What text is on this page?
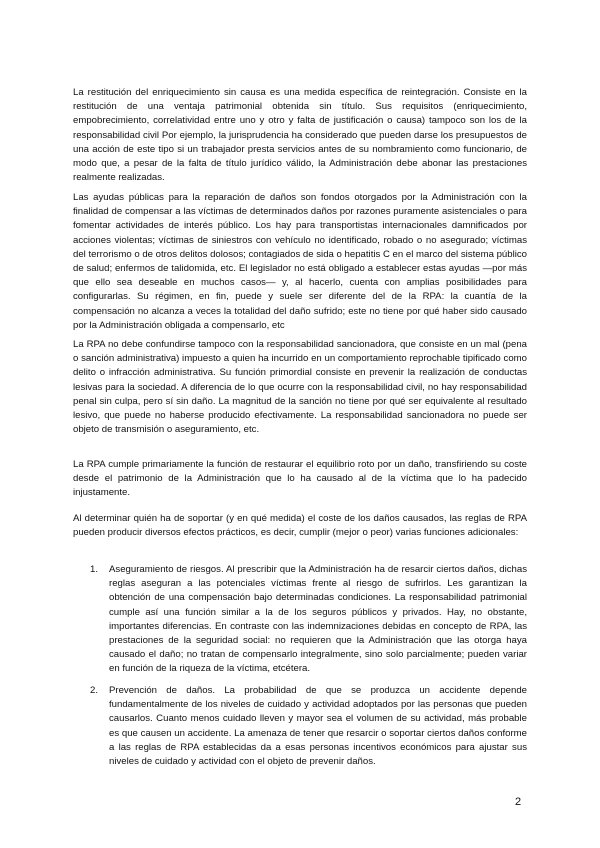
La restitución del enriquecimiento sin causa es una medida específica de reintegración. Consiste en la restitución de una ventaja patrimonial obtenida sin título. Sus requisitos (enriquecimiento, empobrecimiento, correlatividad entre uno y otro y falta de justificación o causa) tampoco son los de la responsabilidad civil Por ejemplo, la jurisprudencia ha considerado que pueden darse los presupuestos de una acción de este tipo si un trabajador presta servicios antes de su nombramiento como funcionario, de modo que, a pesar de la falta de título jurídico válido, la Administración debe abonar las prestaciones realmente realizadas.

Las ayudas públicas para la reparación de daños son fondos otorgados por la Administración con la finalidad de compensar a las víctimas de determinados daños por razones puramente asistenciales o para fomentar actividades de interés público. Los hay para transportistas internacionales damnificados por acciones violentas; víctimas de siniestros con vehículo no identificado, robado o no asegurado; víctimas del terrorismo o de otros delitos dolosos; contagiados de sida o hepatitis C en el marco del sistema público de salud; enfermos de talidomida, etc. El legislador no está obligado a establecer estas ayudas —por más que ello sea deseable en muchos casos— y, al hacerlo, cuenta con amplias posibilidades para configurarlas. Su régimen, en fin, puede y suele ser diferente del de la RPA: la cuantía de la compensación no alcanza a veces la totalidad del daño sufrido; este no tiene por qué haber sido causado por la Administración obligada a compensarlo, etc

La RPA no debe confundirse tampoco con la responsabilidad sancionadora, que consiste en un mal (pena o sanción administrativa) impuesto a quien ha incurrido en un comportamiento reprochable tipificado como delito o infracción administrativa. Su función primordial consiste en prevenir la realización de conductas lesivas para la sociedad. A diferencia de lo que ocurre con la responsabilidad civil, no hay responsabilidad penal sin culpa, pero sí sin daño. La magnitud de la sanción no tiene por qué ser equivalente al resultado lesivo, que puede no haberse producido efectivamente. La responsabilidad sancionadora no puede ser objeto de transmisión o aseguramiento, etc.

La RPA cumple primariamente la función de restaurar el equilibrio roto por un daño, transfiriendo su coste desde el patrimonio de la Administración que lo ha causado al de la víctima que lo ha padecido injustamente.

Al determinar quién ha de soportar (y en qué medida) el coste de los daños causados, las reglas de RPA pueden producir diversos efectos prácticos, es decir, cumplir (mejor o peor) varias funciones adicionales:

1.	Aseguramiento de riesgos. Al prescribir que la Administración ha de resarcir ciertos daños, dichas reglas aseguran a las potenciales víctimas frente al riesgo de sufrirlos. Les garantizan la obtención de una compensación bajo determinadas condiciones. La responsabilidad patrimonial cumple así una función similar a la de los seguros públicos y privados. Hay, no obstante, importantes diferencias. En contraste con las indemnizaciones debidas en concepto de RPA, las prestaciones de la seguridad social: no requieren que la Administración que las otorga haya causado el daño; no tratan de compensarlo integralmente, sino solo parcialmente; pueden variar en función de la riqueza de la víctima, etcétera.

2.	Prevención de daños. La probabilidad de que se produzca un accidente depende fundamentalmente de los niveles de cuidado y actividad adoptados por las personas que pueden causarlos. Cuanto menos cuidado lleven y mayor sea el volumen de su actividad, más probable es que causen un accidente. La amenaza de tener que resarcir o soportar ciertos daños conforme a las reglas de RPA establecidas da a esas personas incentivos económicos para ajustar sus niveles de cuidado y actividad con el objeto de prevenir daños.

2
